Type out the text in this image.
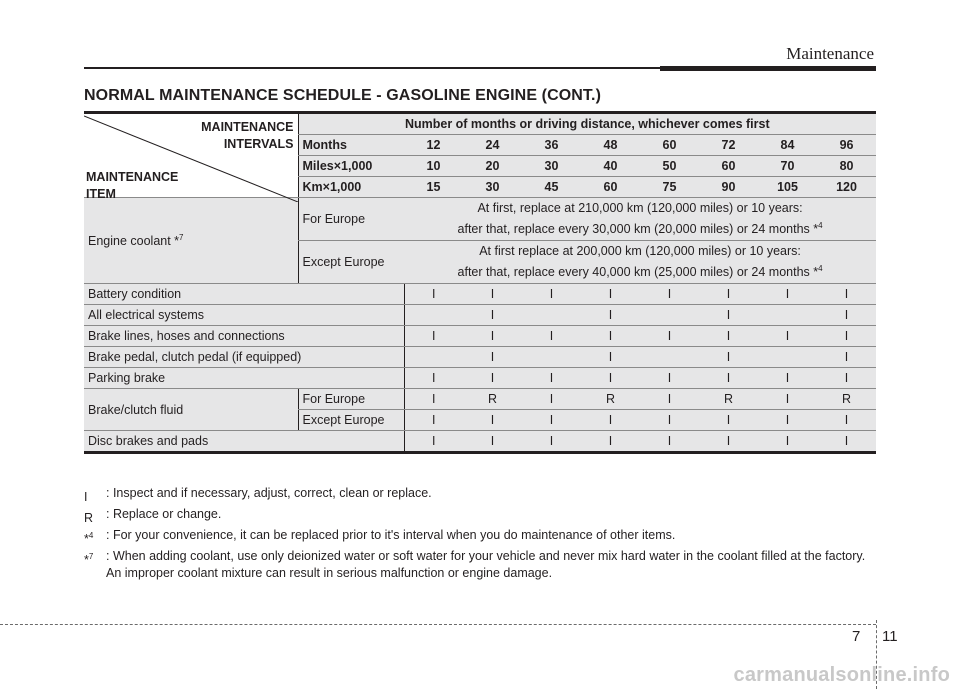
Maintenance
NORMAL MAINTENANCE SCHEDULE - GASOLINE ENGINE (CONT.)
MAINTENANCE
INTERVALS
MAINTENANCE
ITEM	Number of months or driving distance, whichever comes first								
	Months	12	24	36	48	60	72	84	96
	Miles×1,000	10	20	30	40	50	60	70	80
	Km×1,000	15	30	45	60	75	90	105	120
Engine coolant *$^7$	For Europe	At first, replace at 210,000 km (120,000 miles) or 10 years:
after that, replace every 30,000 km (20,000 miles) or 24 months *$^4$

	Except Europe	At first replace at 200,000 km (120,000 miles) or 10 years:
after that, replace every 40,000 km (25,000 miles) or 24 months *$^4$

Battery condition		I	I	I	I	I	I	I	I
All electrical systems			I		I		I		I
Brake lines, hoses and connections		I	I	I	I	I	I	I	I
Brake pedal, clutch pedal (if equipped)			I		I		I		I
Parking brake		I	I	I	I	I	I	I	I
Brake/clutch fluid	For Europe	I	R	I	R	I	R	I	R
	Except Europe	I	I	I	I	I	I	I	I
Disc brakes and pads		I	I	I	I	I	I	I	I
I : Inspect and if necessary, adjust, correct, clean or replace.
R : Replace or change.
*$^4$ : For your convenience, it can be replaced prior to it's interval when you do maintenance of other items.
*$^7$ : When adding coolant, use only deionized water or soft water for your vehicle and never mix hard water in the coolant filled at the factory. An improper coolant mixture can result in serious malfunction or engine damage.
7 11
carmanualsonline.info
